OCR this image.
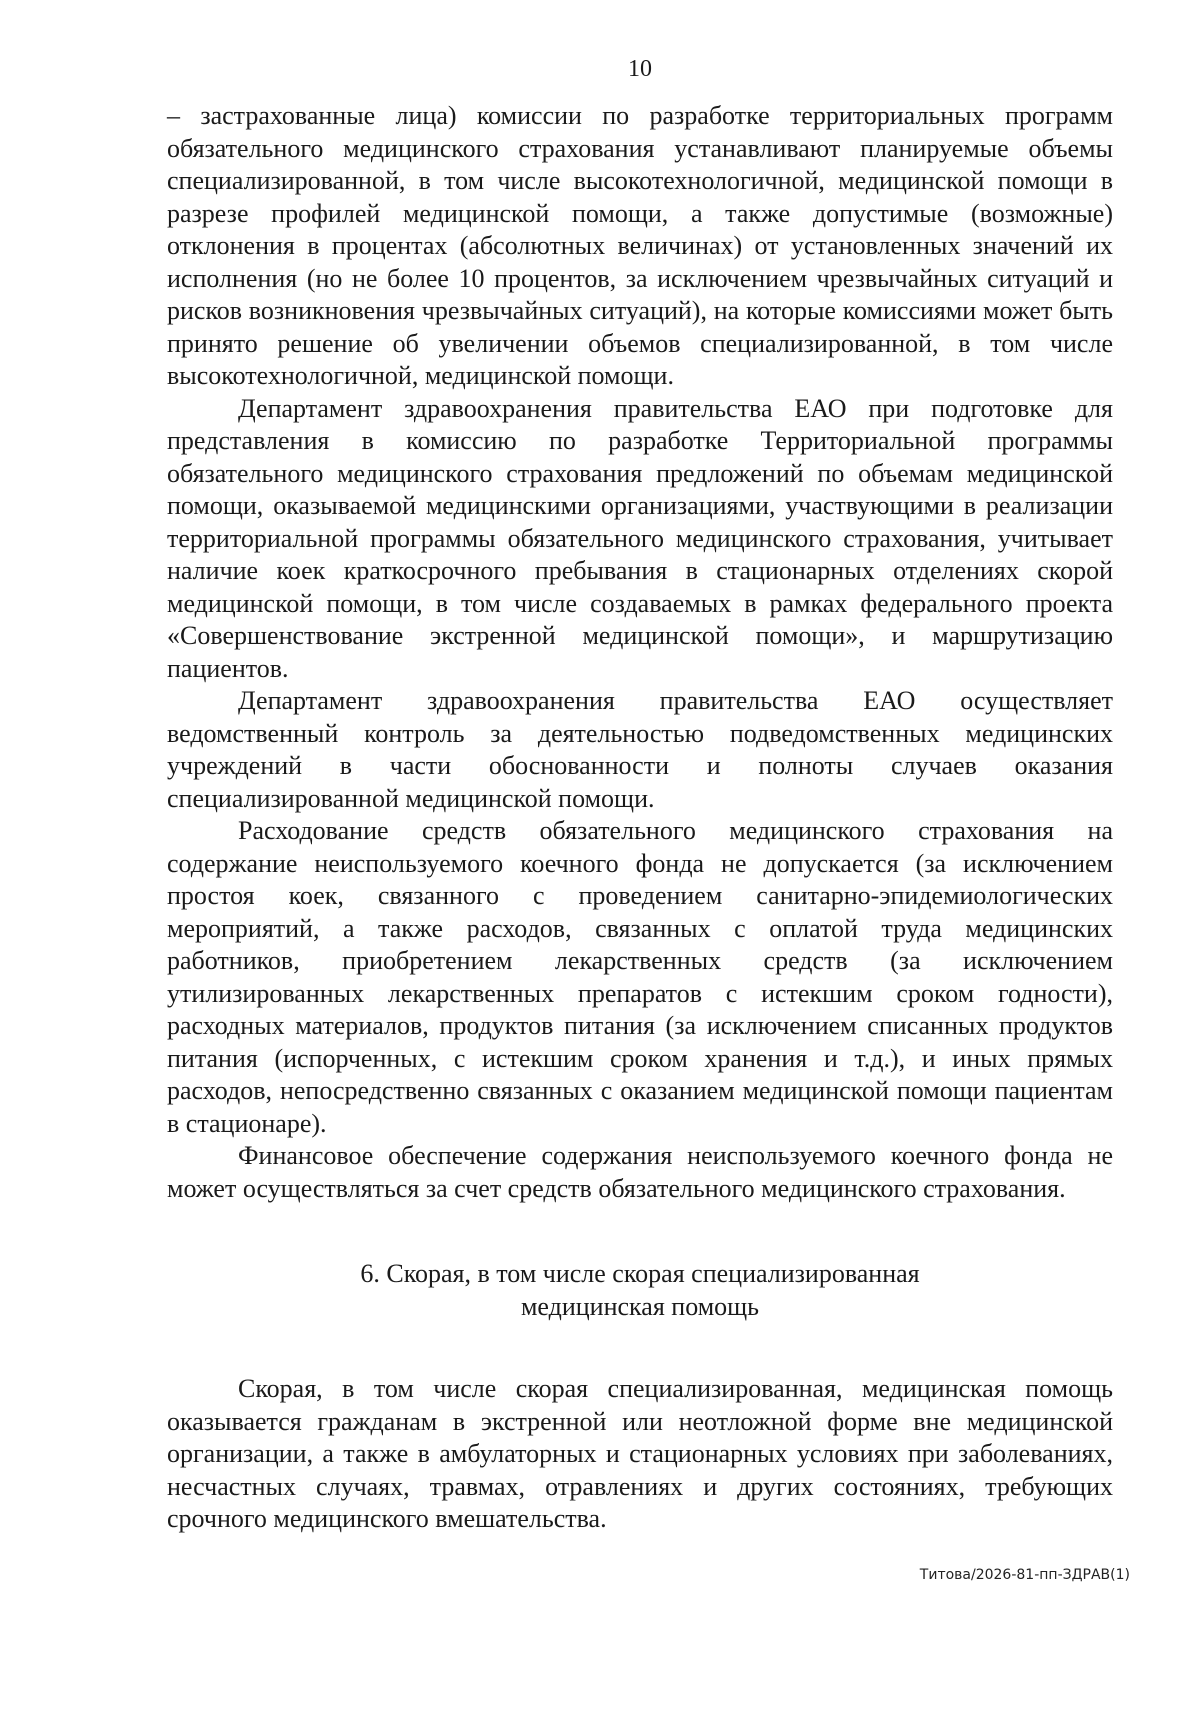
10

– застрахованные лица) комиссии по разработке территориальных программ обязательного медицинского страхования устанавливают планируемые объемы специализированной, в том числе высокотехнологичной, медицинской помощи в разрезе профилей медицинской помощи, а также допустимые (возможные) отклонения в процентах (абсолютных величинах) от установленных значений их исполнения (но не более 10 процентов, за исключением чрезвычайных ситуаций и рисков возникновения чрезвычайных ситуаций), на которые комиссиями может быть принято решение об увеличении объемов специализированной, в том числе высокотехнологичной, медицинской помощи.

Департамент здравоохранения правительства ЕАО при подготовке для представления в комиссию по разработке Территориальной программы обязательного медицинского страхования предложений по объемам медицинской помощи, оказываемой медицинскими организациями, участвующими в реализации территориальной программы обязательного медицинского страхования, учитывает наличие коек краткосрочного пребывания в стационарных отделениях скорой медицинской помощи, в том числе создаваемых в рамках федерального проекта «Совершенствование экстренной медицинской помощи», и маршрутизацию пациентов.

Департамент здравоохранения правительства ЕАО осуществляет ведомственный контроль за деятельностью подведомственных медицинских учреждений в части обоснованности и полноты случаев оказания специализированной медицинской помощи.

Расходование средств обязательного медицинского страхования на содержание неиспользуемого коечного фонда не допускается (за исключением простоя коек, связанного с проведением санитарно-эпидемиологических мероприятий, а также расходов, связанных с оплатой труда медицинских работников, приобретением лекарственных средств (за исключением утилизированных лекарственных препаратов с истекшим сроком годности), расходных материалов, продуктов питания (за исключением списанных продуктов питания (испорченных, с истекшим сроком хранения и т.д.), и иных прямых расходов, непосредственно связанных с оказанием медицинской помощи пациентам в стационаре).

Финансовое обеспечение содержания неиспользуемого коечного фонда не может осуществляться за счет средств обязательного медицинского страхования.

6. Скорая, в том числе скорая специализированная
медицинская помощь

Скорая, в том числе скорая специализированная, медицинская помощь оказывается гражданам в экстренной или неотложной форме вне медицинской организации, а также в амбулаторных и стационарных условиях при заболеваниях, несчастных случаях, травмах, отравлениях и других состояниях, требующих срочного медицинского вмешательства.

Титова/2026-81-пп-ЗДРАВ(1)
